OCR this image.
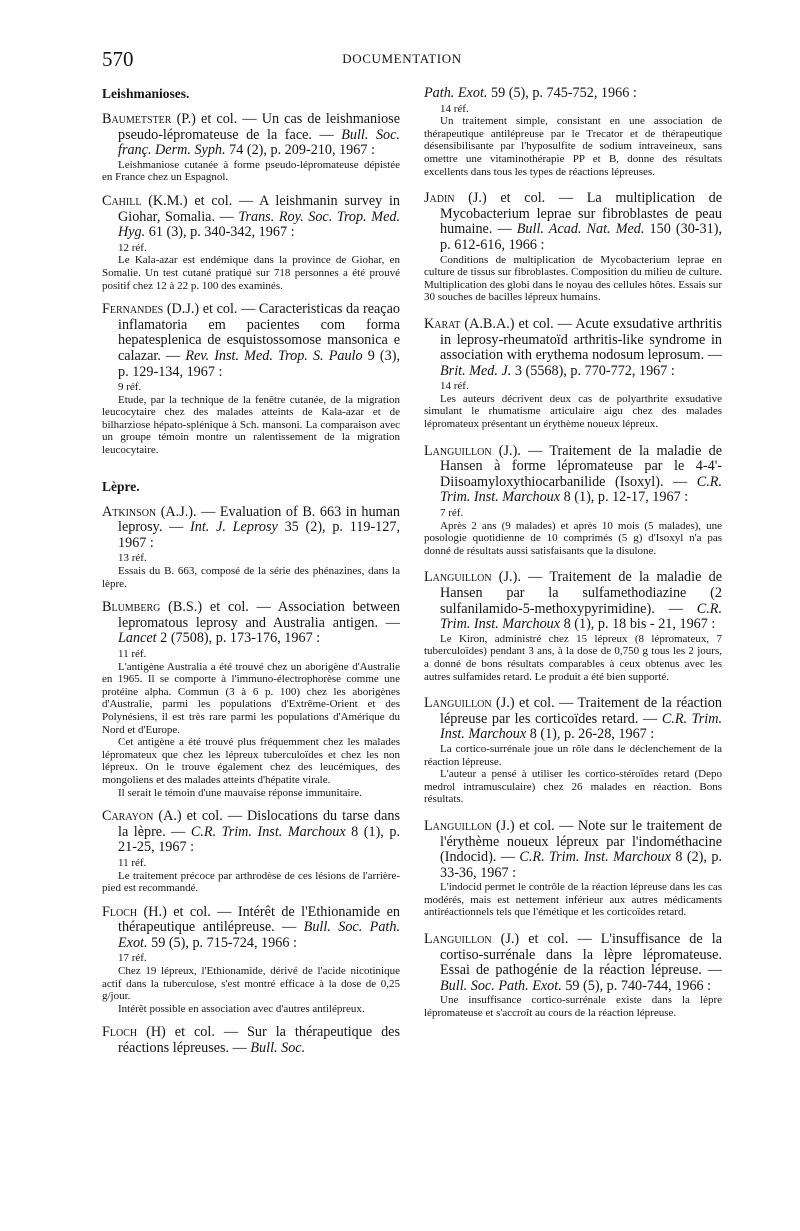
570	DOCUMENTATION
Leishmanioses.
Baumetster (P.) et col. — Un cas de leishmaniose pseudo-lépromateuse de la face. — Bull. Soc. franç. Derm. Syph. 74 (2), p. 209-210, 1967 :

Leishmaniose cutanée à forme pseudo-lépromateuse dépistée en France chez un Espagnol.

Cahill (K.M.) et col. — A leishmanin survey in Giohar, Somalia. — Trans. Roy. Soc. Trop. Med. Hyg. 61 (3), p. 340-342, 1967 :
12 réf.

Le Kala-azar est endémique dans la province de Giohar, en Somalie. Un test cutané pratiqué sur 718 personnes a été prouvé positif chez 12 à 22 p. 100 des examinés.

Fernandes (D.J.) et col. — Caracteristicas da reaçao inflamatoria em pacientes com forma hepatesplenica de esquistossomose mansonica e calazar. — Rev. Inst. Med. Trop. S. Paulo 9 (3), p. 129-134, 1967 :
9 réf.

Etude, par la technique de la fenêtre cutanée, de la migration leucocytaire chez des malades atteints de Kala-azar et de bilharziose hépato-splénique à Sch. mansoni. La comparaison avec un groupe témoin montre un ralentissement de la migration leucocytaire.

Lèpre.
Atkinson (A.J.). — Evaluation of B. 663 in human leprosy. — Int. J. Leprosy 35 (2), p. 119-127, 1967 :
13 réf.

Essais du B. 663, composé de la série des phénazines, dans la lèpre.

Blumberg (B.S.) et col. — Association between lepromatous leprosy and Australia antigen. — Lancet 2 (7508), p. 173-176, 1967 :
11 réf.

L'antigène Australia a été trouvé chez un aborigène d'Australie en 1965. Il se comporte à l'immuno-électrophorèse comme une protéine alpha. Commun (3 à 6 p. 100) chez les aborigènes d'Australie, parmi les populations d'Extrême-Orient et des Polynésiens, il est très rare parmi les populations d'Amérique du Nord et d'Europe.

Cet antigène a été trouvé plus fréquemment chez les malades lépromateux que chez les lépreux tuberculoïdes et chez les non lépreux. On le trouve également chez des leucémiques, des mongoliens et des malades atteints d'hépatite virale.

Il serait le témoin d'une mauvaise réponse immunitaire.

Carayon (A.) et col. — Dislocations du tarse dans la lèpre. — C.R. Trim. Inst. Marchoux 8 (1), p. 21-25, 1967 :
11 réf.

Le traitement précoce par arthrodèse de ces lésions de l'arrière-pied est recommandé.

Floch (H.) et col. — Intérêt de l'Ethionamide en thérapeutique antilépreuse. — Bull. Soc. Path. Exot. 59 (5), p. 715-724, 1966 :
17 réf.

Chez 19 lépreux, l'Ethionamide, dérivé de l'acide nicotinique actif dans la tuberculose, s'est montré efficace à la dose de 0,25 g/jour.

Intérêt possible en association avec d'autres antilépreux.

Floch (H) et col. — Sur la thérapeutique des réactions lépreuses. — Bull. Soc.
Path. Exot. 59 (5), p. 745-752, 1966 :
14 réf.

Un traitement simple, consistant en une association de thérapeutique antilépreuse par le Trecator et de thérapeutique désensibilisante par l'hyposulfite de sodium intraveineux, sans omettre une vitaminothérapie PP et B, donne des résultats excellents dans tous les types de réactions lépreuses.

Jadin (J.) et col. — La multiplication de Mycobacterium leprae sur fibroblastes de peau humaine. — Bull. Acad. Nat. Med. 150 (30-31), p. 612-616, 1966 :

Conditions de multiplication de Mycobacterium leprae en culture de tissus sur fibroblastes. Composition du milieu de culture. Multiplication des globi dans le noyau des cellules hôtes. Essais sur 30 souches de bacilles lépreux humains.

Karat (A.B.A.) et col. — Acute exsudative arthritis in leprosy-rheumatoïd arthritis-like syndrome in association with erythema nodosum leprosum. — Brit. Med. J. 3 (5568), p. 770-772, 1967 :
14 réf.

Les auteurs décrivent deux cas de polyarthrite exsudative simulant le rhumatisme articulaire aigu chez des malades lépromateux présentant un érythème noueux lépreux.

Languillon (J.). — Traitement de la maladie de Hansen à forme lépromateuse par le 4-4'-Diisoamyloxythiocarbanilide (Isoxyl). — C.R. Trim. Inst. Marchoux 8 (1), p. 12-17, 1967 :
7 réf.

Après 2 ans (9 malades) et après 10 mois (5 malades), une posologie quotidienne de 10 comprimés (5 g) d'Isoxyl n'a pas donné de résultats aussi satisfaisants que la disulone.

Languillon (J.). — Traitement de la maladie de Hansen par la sulfamethodiazine (2 sulfanilamido-5-methoxypyrimidine). — C.R. Trim. Inst. Marchoux 8 (1), p. 18 bis - 21, 1967 :

Le Kiron, administré chez 15 lépreux (8 lépromateux, 7 tuberculoïdes) pendant 3 ans, à la dose de 0,750 g tous les 2 jours, a donné de bons résultats comparables à ceux obtenus avec les autres sulfamides retard. Le produit a été bien supporté.

Languillon (J.) et col. — Traitement de la réaction lépreuse par les corticoïdes retard. — C.R. Trim. Inst. Marchoux 8 (1), p. 26-28, 1967 :

La cortico-surrénale joue un rôle dans le déclenchement de la réaction lépreuse.

L'auteur a pensé à utiliser les cortico-stéroïdes retard (Depo medrol intramusculaire) chez 26 malades en réaction. Bons résultats.

Languillon (J.) et col. — Note sur le traitement de l'érythème noueux lépreux par l'indométhacine (Indocid). — C.R. Trim. Inst. Marchoux 8 (2), p. 33-36, 1967 :

L'indocid permet le contrôle de la réaction lépreuse dans les cas modérés, mais est nettement inférieur aux autres médicaments antiréactionnels tels que l'émétique et les corticoïdes retard.

Languillon (J.) et col. — L'insuffisance de la cortiso-surrénale dans la lèpre lépromateuse. Essai de pathogénie de la réaction lépreuse. — Bull. Soc. Path. Exot. 59 (5), p. 740-744, 1966 :

Une insuffisance cortico-surrénale existe dans la lèpre lépromateuse et s'accroît au cours de la réaction lépreuse.
